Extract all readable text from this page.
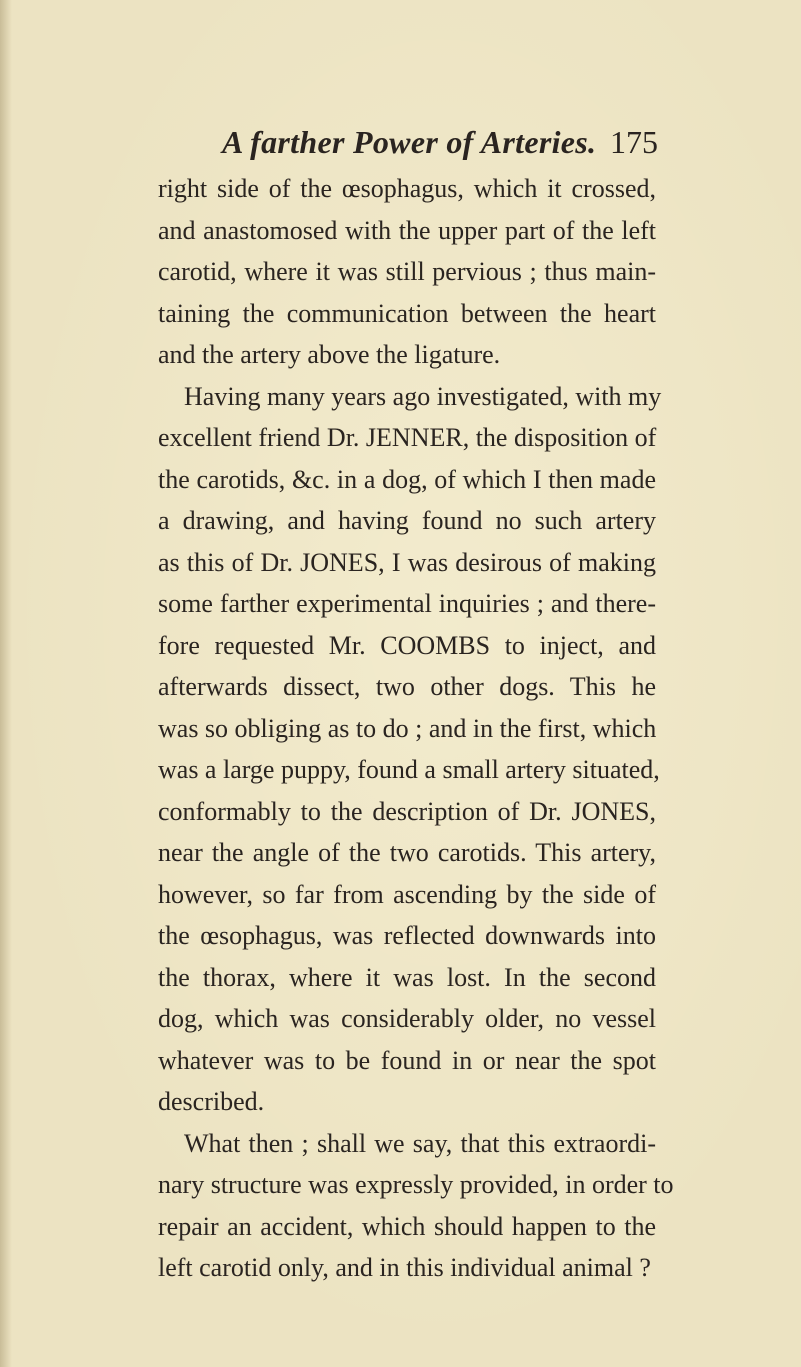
A farther Power of Arteries. 175
right side of the œsophagus, which it crossed,
and anastomosed with the upper part of the left
carotid, where it was still pervious ; thus main-
taining the communication between the heart
and the artery above the ligature.
Having many years ago investigated, with my
excellent friend Dr. JENNER, the disposition of
the carotids, &c. in a dog, of which I then made
a drawing, and having found no such artery
as this of Dr. JONES, I was desirous of making
some farther experimental inquiries ; and there-
fore requested Mr. COOMBS to inject, and
afterwards dissect, two other dogs. This he
was so obliging as to do ; and in the first, which
was a large puppy, found a small artery situated,
conformably to the description of Dr. JONES,
near the angle of the two carotids. This artery,
however, so far from ascending by the side of
the œsophagus, was reflected downwards into
the thorax, where it was lost. In the second
dog, which was considerably older, no vessel
whatever was to be found in or near the spot
described.
What then ; shall we say, that this extraordi-
nary structure was expressly provided, in order to
repair an accident, which should happen to the
left carotid only, and in this individual animal ?
